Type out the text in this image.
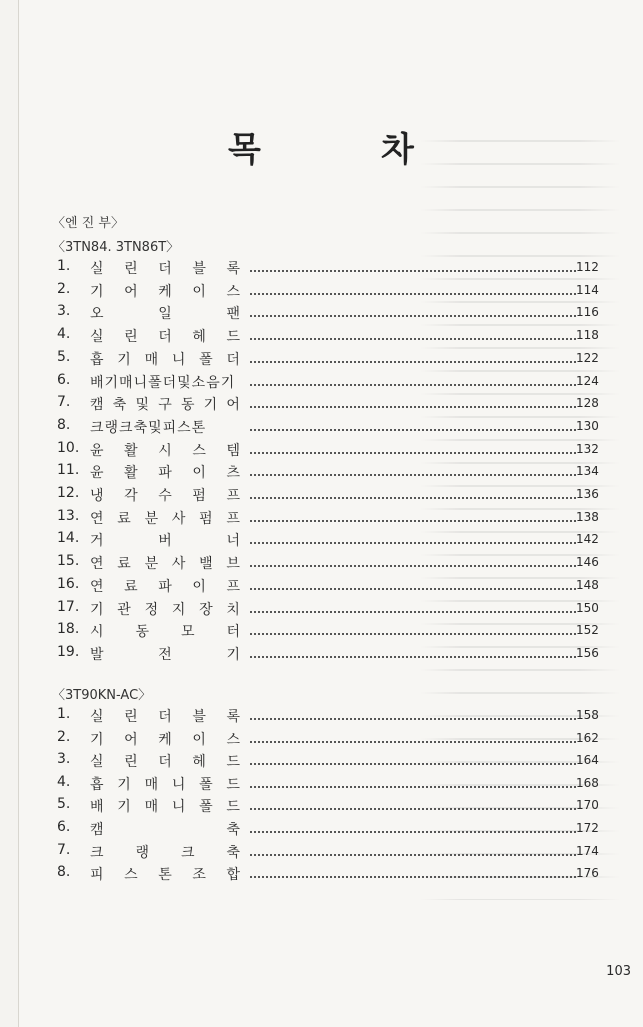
목	차
〈엔 진 부〉
〈3TN84. 3TN86T〉
〈3T90KN-AC〉
1.	실 린 더 블 록	112
2.	기 어 케 이 스	114
3.	오	일	팬	116
4.	실 린 더 헤 드	118
5.	흡 기 매 니 폴 더	122
6.	배기매니폴더및소음기	124
7.	캠 축 및 구 동 기 어	128
8.	크랭크축및피스톤	130
10. 윤 활 시 스 템	132
11. 윤 활 파 이 츠	134
12. 냉 각 수 펌 프	136
13. 연 료 분 사 펌 프	138
14. 거	버	너	142
15. 연 료 분 사 밸 브	146
16. 연 료 파 이 프	148
17. 기 관 정 지 장 치	150
18. 시 동 모 터	152
19. 발	전	기	156
1.	실 린 더 블 록	158
2.	기 어 케 이 스	162
3.	실 린 더 헤 드	164
4.	흡 기 매 니 폴 드	168
5.	배 기 매 니 폴 드	170
6.	캠	축	172
7.	크 랭 크 축	174
8.	피 스 톤 조 합	176
103
